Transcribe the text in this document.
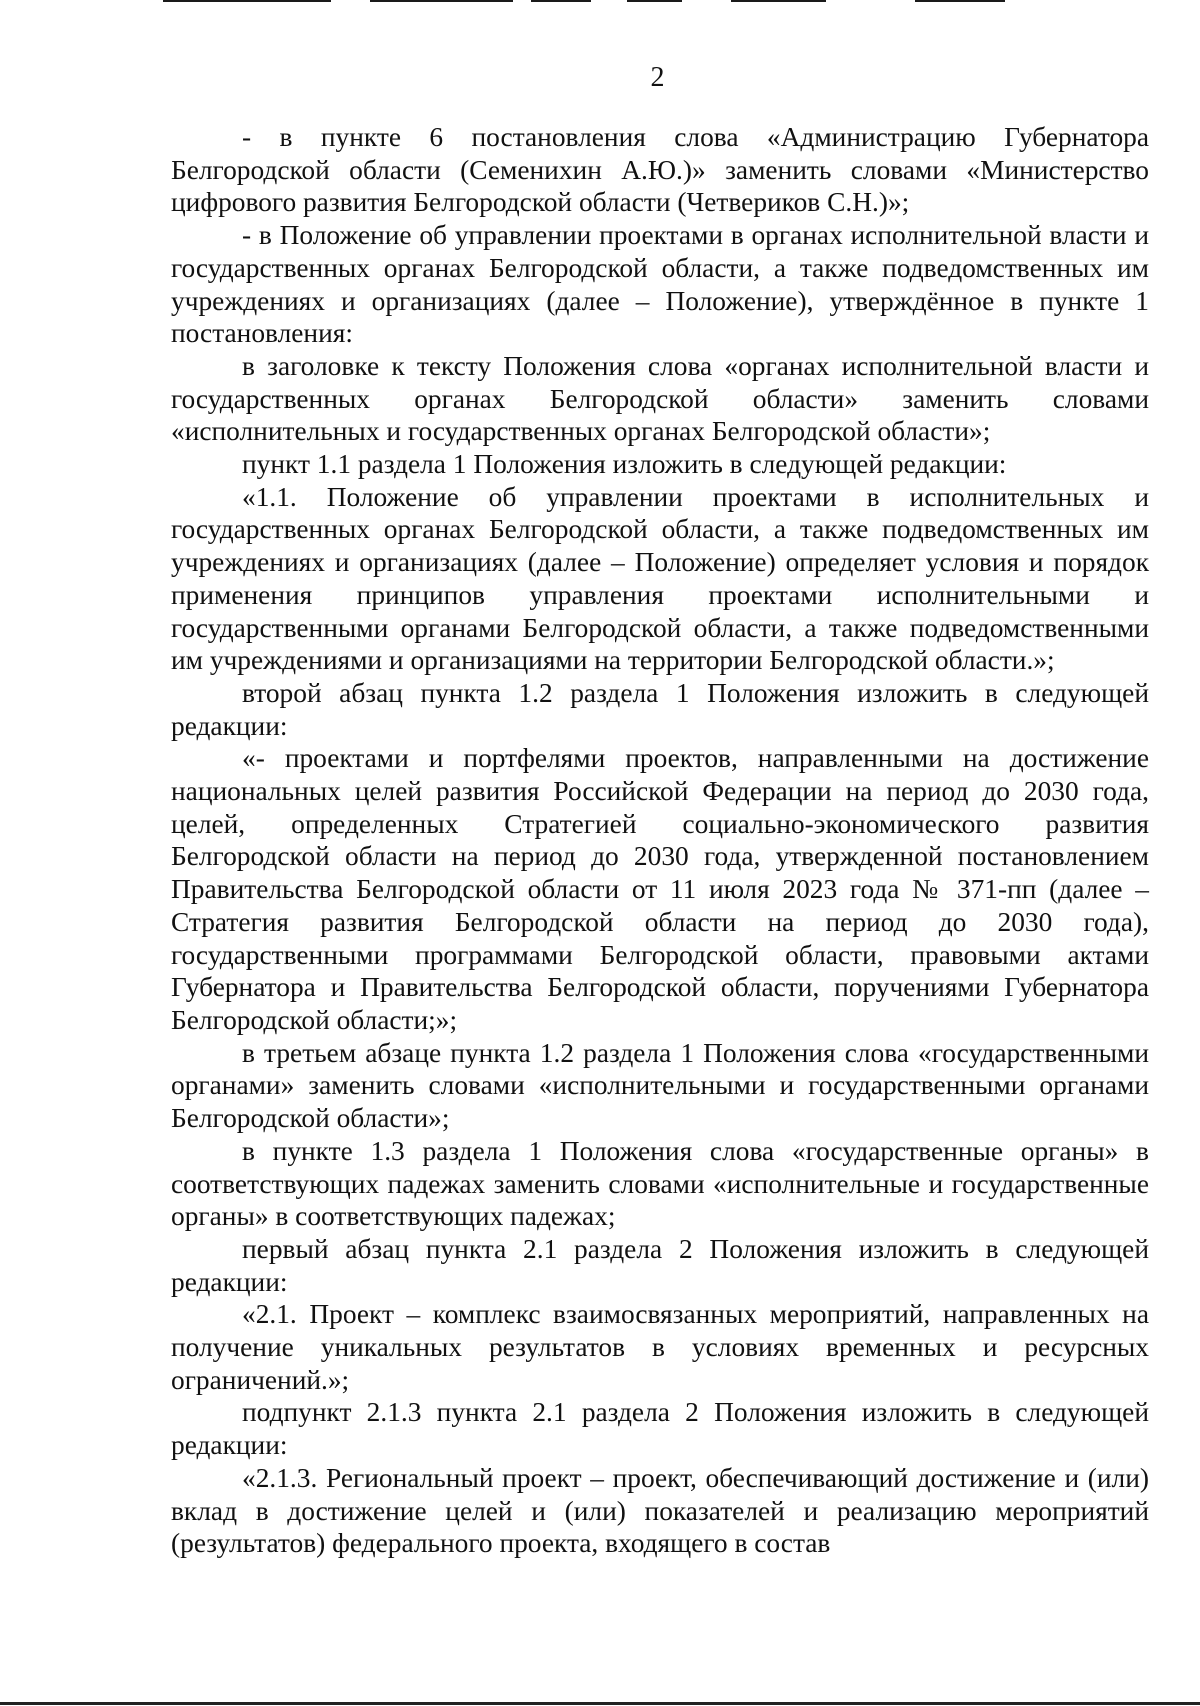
2

- в пункте 6 постановления слова «Администрацию Губернатора Белгородской области (Семенихин А.Ю.)» заменить словами «Министерство цифрового развития Белгородской области (Четвериков С.Н.)»;

- в Положение об управлении проектами в органах исполнительной власти и государственных органах Белгородской области, а также подведомственных им учреждениях и организациях (далее – Положение), утверждённое в пункте 1 постановления:

в заголовке к тексту Положения слова «органах исполнительной власти и государственных органах Белгородской области» заменить словами «исполнительных и государственных органах Белгородской области»;

пункт 1.1 раздела 1 Положения изложить в следующей редакции:

«1.1. Положение об управлении проектами в исполнительных и государственных органах Белгородской области, а также подведомственных им учреждениях и организациях (далее – Положение) определяет условия и порядок применения принципов управления проектами исполнительными и государственными органами Белгородской области, а также подведомственными им учреждениями и организациями на территории Белгородской области.»;

второй абзац пункта 1.2 раздела 1 Положения изложить в следующей редакции:

«- проектами и портфелями проектов, направленными на достижение национальных целей развития Российской Федерации на период до 2030 года, целей, определенных Стратегией социально-экономического развития Белгородской области на период до 2030 года, утвержденной постановлением Правительства Белгородской области от 11 июля 2023 года № 371-пп (далее – Стратегия развития Белгородской области на период до 2030 года), государственными программами Белгородской области, правовыми актами Губернатора и Правительства Белгородской области, поручениями Губернатора Белгородской области;»;

в третьем абзаце пункта 1.2 раздела 1 Положения слова «государственными органами» заменить словами «исполнительными и государственными органами Белгородской области»;

в пункте 1.3 раздела 1 Положения слова «государственные органы» в соответствующих падежах заменить словами «исполнительные и государственные органы» в соответствующих падежах;

первый абзац пункта 2.1 раздела 2 Положения изложить в следующей редакции:

«2.1. Проект – комплекс взаимосвязанных мероприятий, направленных на получение уникальных результатов в условиях временных и ресурсных ограничений.»;

подпункт 2.1.3 пункта 2.1 раздела 2 Положения изложить в следующей редакции:

«2.1.3. Региональный проект – проект, обеспечивающий достижение и (или) вклад в достижение целей и (или) показателей и реализацию мероприятий (результатов) федерального проекта, входящего в состав
